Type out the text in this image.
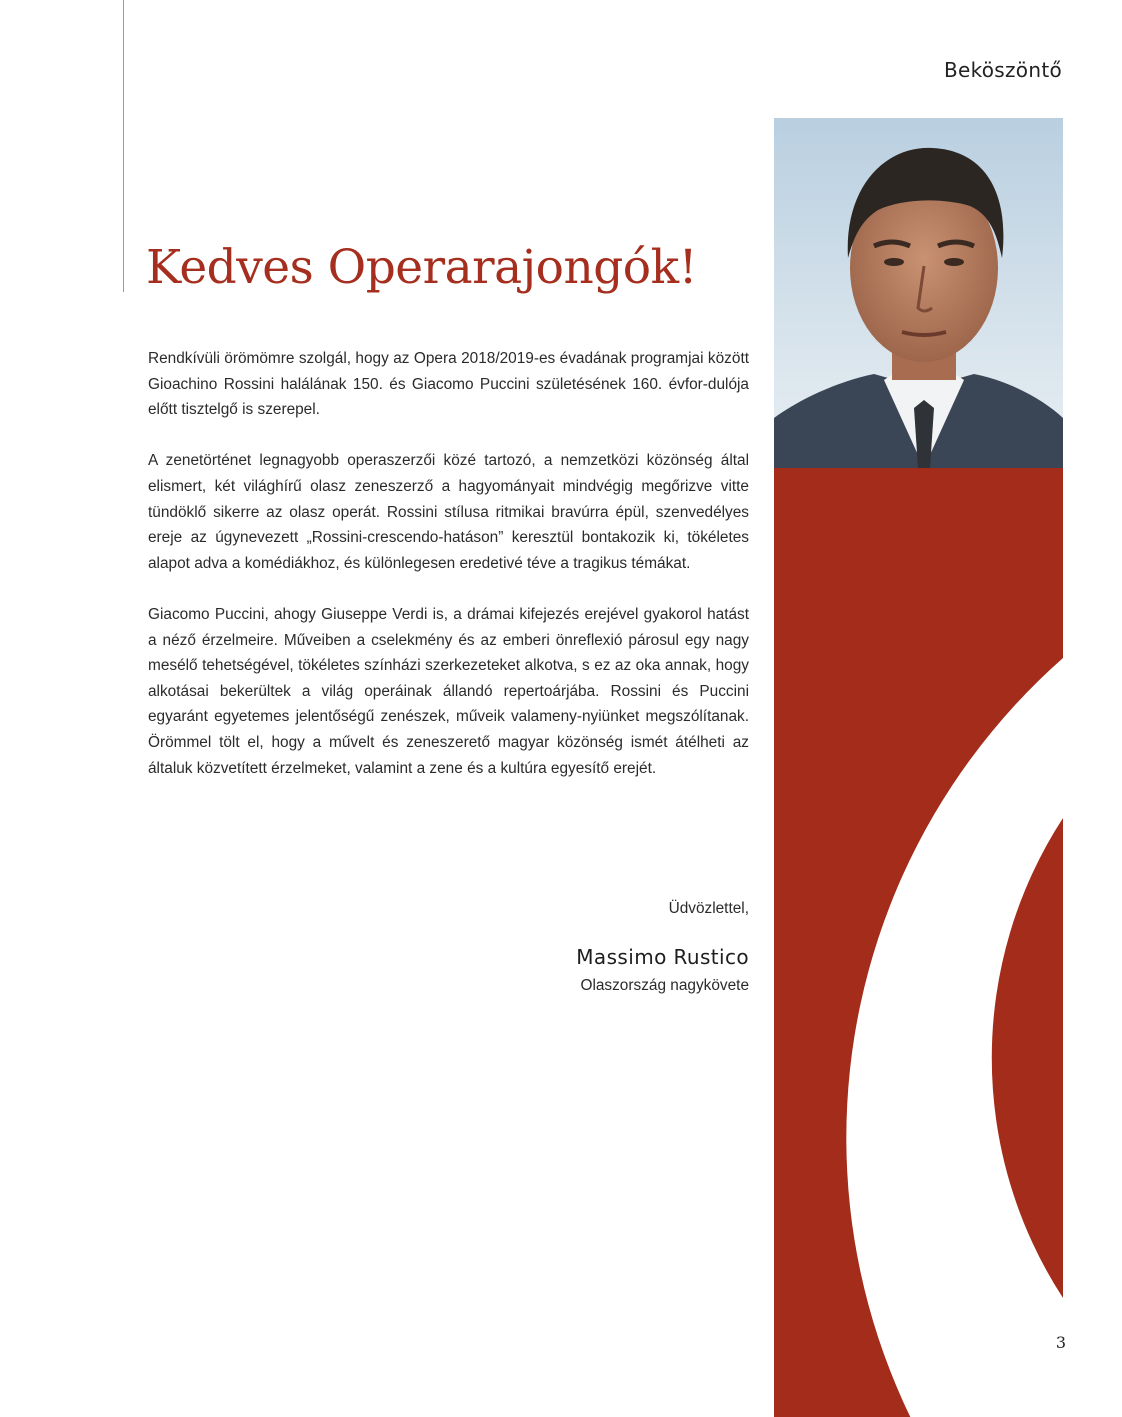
Beköszöntő
Kedves Operarajongók!

Rendkívüli örömömre szolgál, hogy az Opera 2018/2019-es évadának programjai között Gioachino Rossini halálának 150. és Giacomo Puccini születésének 160. évfor-dulója előtt tisztelgő is szerepel.

A zenetörténet legnagyobb operaszerzői közé tartozó, a nemzetközi közönség által elismert, két világhírű olasz zeneszerző a hagyományait mindvégig megőrizve vitte tündöklő sikerre az olasz operát. Rossini stílusa ritmikai bravúrra épül, szenvedélyes ereje az úgynevezett „Rossini-crescendo-hatáson” keresztül bontakozik ki, tökéletes alapot adva a komédiákhoz, és különlegesen eredetivé téve a tragikus témákat.

Giacomo Puccini, ahogy Giuseppe Verdi is, a drámai kifejezés erejével gyakorol hatást a néző érzelmeire. Műveiben a cselekmény és az emberi önreflexió párosul egy nagy mesélő tehetségével, tökéletes színházi szerkezeteket alkotva, s ez az oka annak, hogy alkotásai bekerültek a világ operáinak állandó repertoárjába. Rossini és Puccini egyaránt egyetemes jelentőségű zenészek, műveik valameny-nyiünket megszólítanak. Örömmel tölt el, hogy a művelt és zeneszerető magyar közönség ismét átélheti az általuk közvetített érzelmeket, valamint a zene és a kultúra egyesítő erejét.

Üdvözlettel,
Massimo Rustico
Olaszország nagykövete
3
